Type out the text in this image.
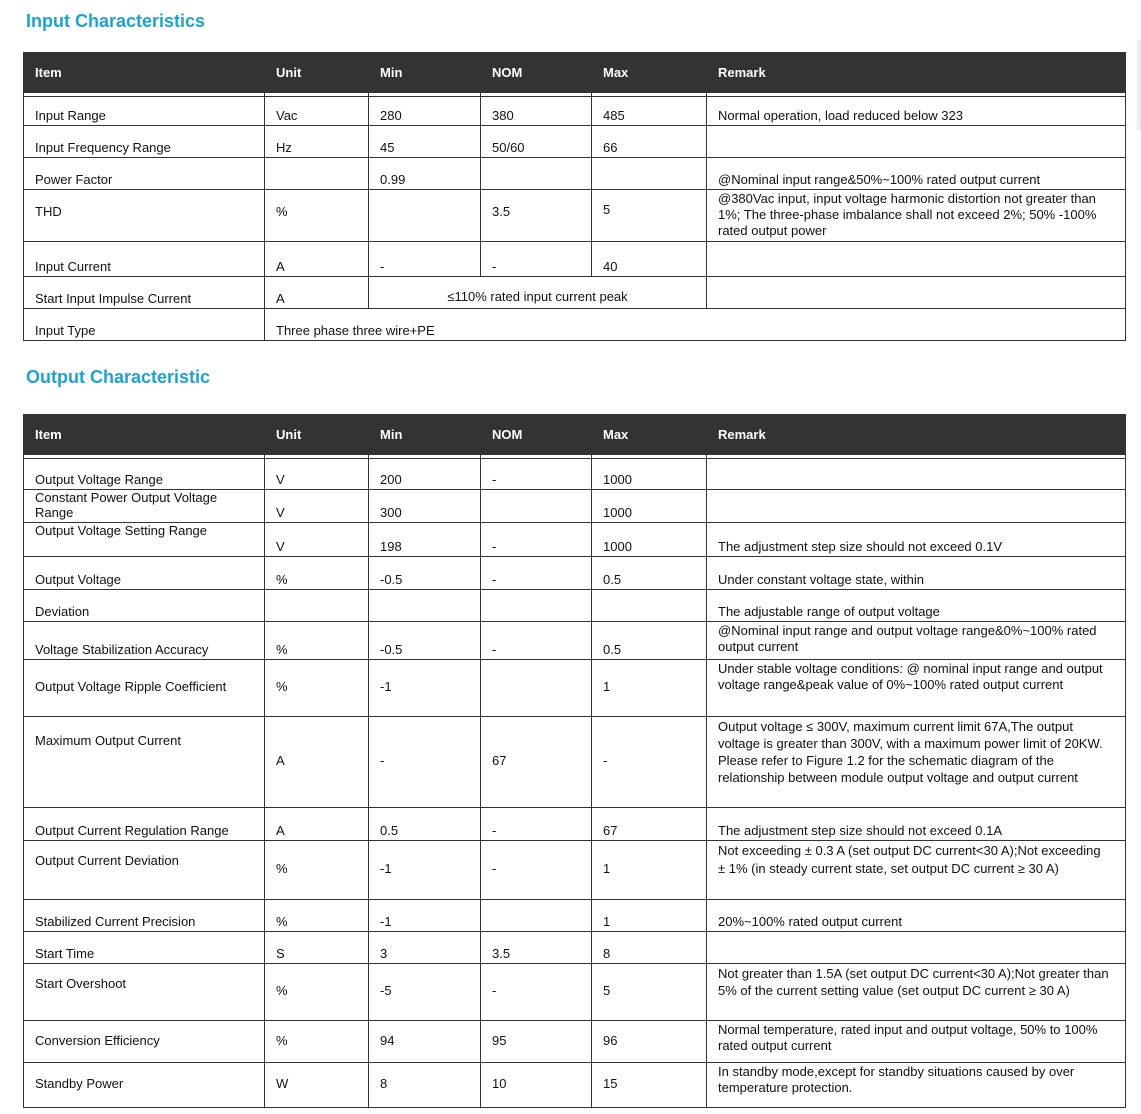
Input Characteristics
Item	Unit	Min	NOM	Max	Remark

Input Range	Vac	280	380	485	Normal operation, load reduced below 323
Input Frequency Range	Hz	45	50/60	66	
Power Factor		0.99			@Nominal input range&50%~100% rated output current
THD	%		3.5	5	@380Vac input, input voltage harmonic distortion not greater than 1%; The three-phase imbalance shall not exceed 2%; 50% -100% rated output power
Input Current	A	-	-	40	
Start Input Impulse Current	A	≤110% rated input current peak			
Input Type	Three phase three wire+PE				
Output Characteristic
Item	Unit	Min	NOM	Max	Remark

Output Voltage Range	V	200	-	1000	
Constant Power Output Voltage Range	V	300		1000	
Output Voltage Setting Range	V	198	-	1000	The adjustment step size should not exceed 0.1V
Output Voltage	%	-0.5	-	0.5	Under constant voltage state, within
Deviation					The adjustable range of output voltage
Voltage Stabilization Accuracy	%	-0.5	-	0.5	@Nominal input range and output voltage range&0%~100% rated output current
Output Voltage Ripple Coefficient	%	-1		1	Under stable voltage conditions: @ nominal input range and output voltage range&peak value of 0%~100% rated output current
Maximum Output Current	A	-	67	-	Output voltage ≤ 300V, maximum current limit 67A,The output voltage is greater than 300V, with a maximum power limit of 20KW. Please refer to Figure 1.2 for the schematic diagram of the relationship between module output voltage and output current
Output Current Regulation Range	A	0.5	-	67	The adjustment step size should not exceed 0.1A
Output Current Deviation	%	-1	-	1	Not exceeding ± 0.3 A (set output DC current<30 A);Not exceeding ± 1% (in steady current state, set output DC current ≥ 30 A)
Stabilized Current Precision	%	-1		1	20%~100% rated output current
Start Time	S	3	3.5	8	
Start Overshoot	%	-5	-	5	Not greater than 1.5A (set output DC current<30 A);Not greater than 5% of the current setting value (set output DC current ≥ 30 A)
Conversion Efficiency	%	94	95	96	Normal temperature, rated input and output voltage, 50% to 100% rated output current
Standby Power	W	8	10	15	In standby mode,except for standby situations caused by over temperature protection.
